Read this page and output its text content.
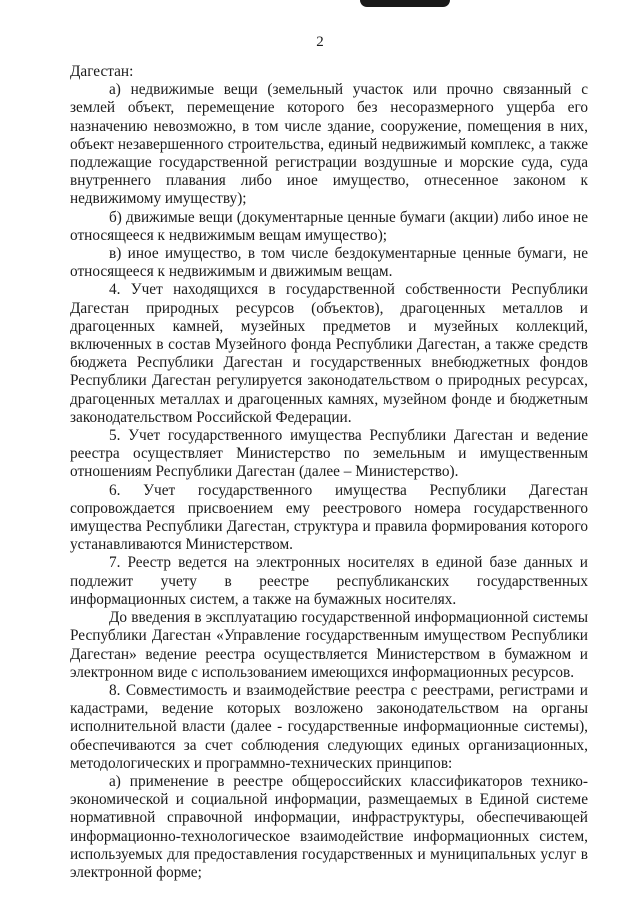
2

Дагестан:

а) недвижимые вещи (земельный участок или прочно связанный с землей объект, перемещение которого без несоразмерного ущерба его назначению невозможно, в том числе здание, сооружение, помещения в них, объект незавершенного строительства, единый недвижимый комплекс, а также подлежащие государственной регистрации воздушные и морские суда, суда внутреннего плавания либо иное имущество, отнесенное законом к недвижимому имуществу);

б) движимые вещи (документарные ценные бумаги (акции) либо иное не относящееся к недвижимым вещам имущество);

в) иное имущество, в том числе бездокументарные ценные бумаги, не относящееся к недвижимым и движимым вещам.

4. Учет находящихся в государственной собственности Республики Дагестан природных ресурсов (объектов), драгоценных металлов и драгоценных камней, музейных предметов и музейных коллекций, включенных в состав Музейного фонда Республики Дагестан, а также средств бюджета Республики Дагестан и государственных внебюджетных фондов Республики Дагестан регулируется законодательством о природных ресурсах, драгоценных металлах и драгоценных камнях, музейном фонде и бюджетным законодательством Российской Федерации.

5. Учет государственного имущества Республики Дагестан и ведение реестра осуществляет Министерство по земельным и имущественным отношениям Республики Дагестан (далее – Министерство).

6. Учет государственного имущества Республики Дагестан сопровождается присвоением ему реестрового номера государственного имущества Республики Дагестан, структура и правила формирования которого устанавливаются Министерством.

7. Реестр ведется на электронных носителях в единой базе данных и подлежит учету в реестре республиканских государственных информационных систем, а также на бумажных носителях.

До введения в эксплуатацию государственной информационной системы Республики Дагестан «Управление государственным имуществом Республики Дагестан» ведение реестра осуществляется Министерством в бумажном и электронном виде с использованием имеющихся информационных ресурсов.

8. Совместимость и взаимодействие реестра с реестрами, регистрами и кадастрами, ведение которых возложено законодательством на органы исполнительной власти (далее - государственные информационные системы), обеспечиваются за счет соблюдения следующих единых организационных, методологических и программно-технических принципов:

а) применение в реестре общероссийских классификаторов технико-экономической и социальной информации, размещаемых в Единой системе нормативной справочной информации, инфраструктуры, обеспечивающей информационно-технологическое взаимодействие информационных систем, используемых для предоставления государственных и муниципальных услуг в электронной форме;
